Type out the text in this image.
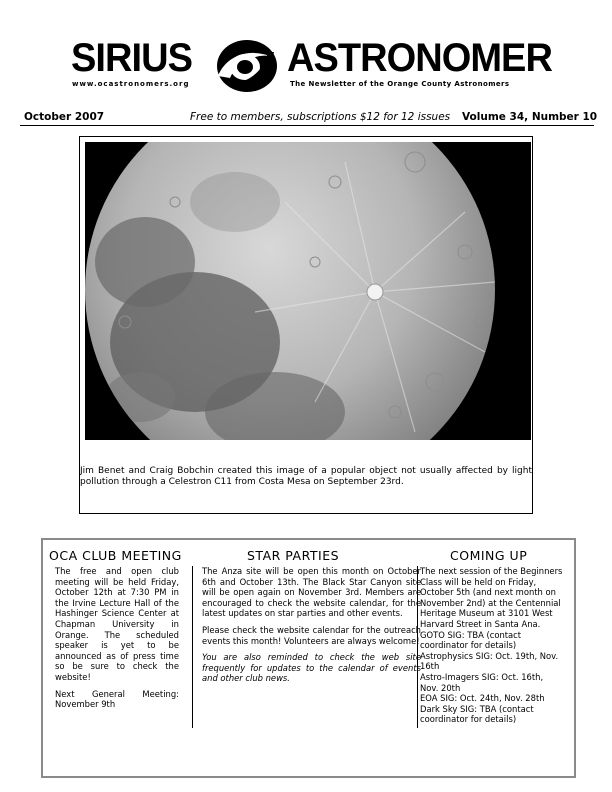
SIRIUS ASTRONOMER
www.ocastronomers.org	The Newsletter of the Orange County Astronomers
October 2007	Free to members, subscriptions $12 for 12 issues Volume 34, Number 10
Jim Benet and Craig Bobchin created this image of a popular object not usually affected by light pollution through a Celestron C11 from Costa Mesa on September 23rd.
OCA CLUB MEETING

The free and open club meeting will be held Friday, October 12th at 7:30 PM in the Irvine Lecture Hall of the Hashinger Science Center at Chapman University in Orange. The scheduled speaker is yet to be announced as of press time so be sure to check the website!

Next General Meeting: November 9th

STAR PARTIES

The Anza site will be open this month on October 6th and October 13th. The Black Star Canyon site will be open again on November 3rd. Members are encouraged to check the website calendar, for the latest updates on star parties and other events.

Please check the website calendar for the outreach events this month! Volunteers are always welcome!

You are also reminded to check the web site frequently for updates to the calendar of events and other club news.

COMING UP
The next session of the Beginners Class will be held on Friday, October 5th (and next month on November 2nd) at the Centennial Heritage Museum at 3101 West Harvard Street in Santa Ana.
GOTO SIG: TBA (contact coordinator for details)
Astrophysics SIG: Oct. 19th, Nov. 16th
Astro-Imagers SIG: Oct. 16th, Nov. 20th
EOA SIG: Oct. 24th, Nov. 28th
Dark Sky SIG: TBA (contact coordinator for details)
